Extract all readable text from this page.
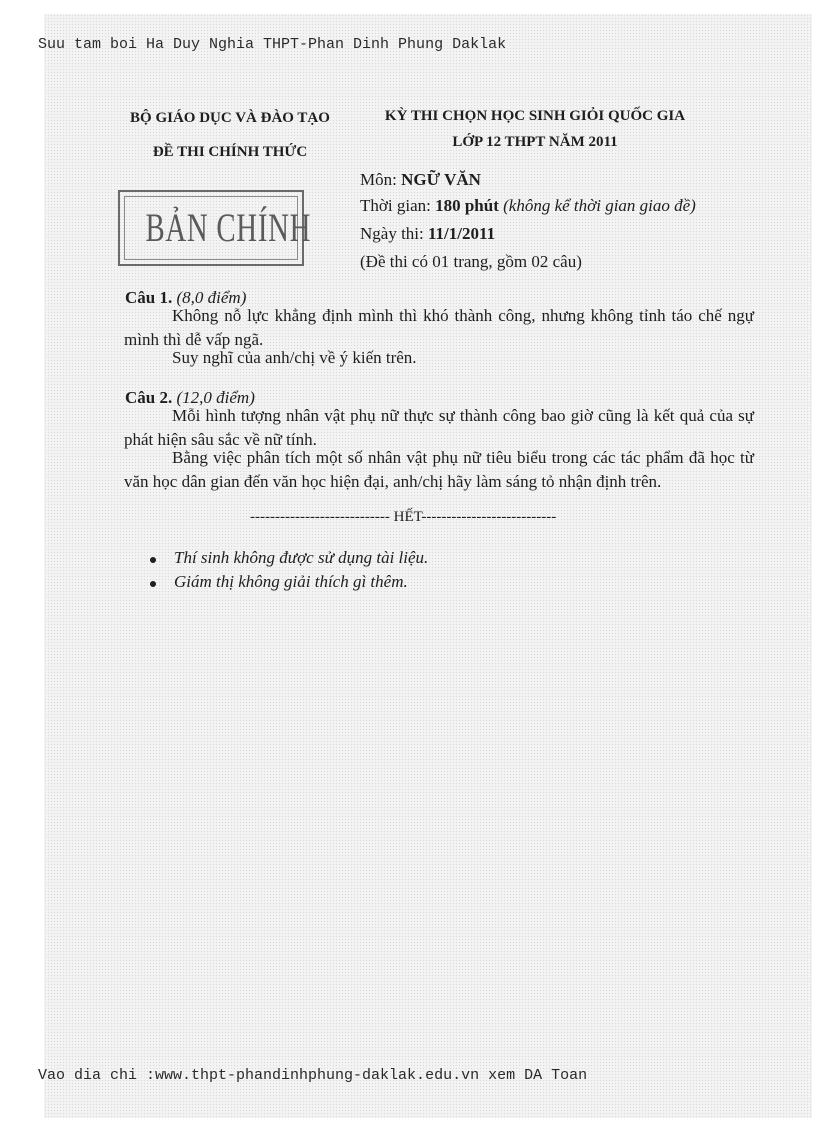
Suu tam boi Ha Duy Nghia THPT-Phan Dinh Phung Daklak
BỘ GIÁO DỤC VÀ ĐÀO TẠO
ĐỀ THI CHÍNH THỨC
BẢN CHÍNH
KỲ THI CHỌN HỌC SINH GIỎI QUỐC GIA
LỚP 12 THPT NĂM 2011
Môn: NGỮ VĂN
Thời gian: 180 phút (không kể thời gian giao đề)
Ngày thi: 11/1/2011
(Đề thi có 01 trang, gồm 02 câu)
Câu 1. (8,0 điểm)
Không nỗ lực khẳng định mình thì khó thành công, nhưng không tỉnh táo chế ngự mình thì dễ vấp ngã.
Suy nghĩ của anh/chị về ý kiến trên.
Câu 2. (12,0 điểm)
Mỗi hình tượng nhân vật phụ nữ thực sự thành công bao giờ cũng là kết quả của sự phát hiện sâu sắc về nữ tính.
Bằng việc phân tích một số nhân vật phụ nữ tiêu biểu trong các tác phẩm đã học từ văn học dân gian đến văn học hiện đại, anh/chị hãy làm sáng tỏ nhận định trên.
---------------------------- HẾT---------------------------
Thí sinh không được sử dụng tài liệu.
Giám thị không giải thích gì thêm.
Vao dia chi :www.thpt-phandinhphung-daklak.edu.vn xem DA Toan
